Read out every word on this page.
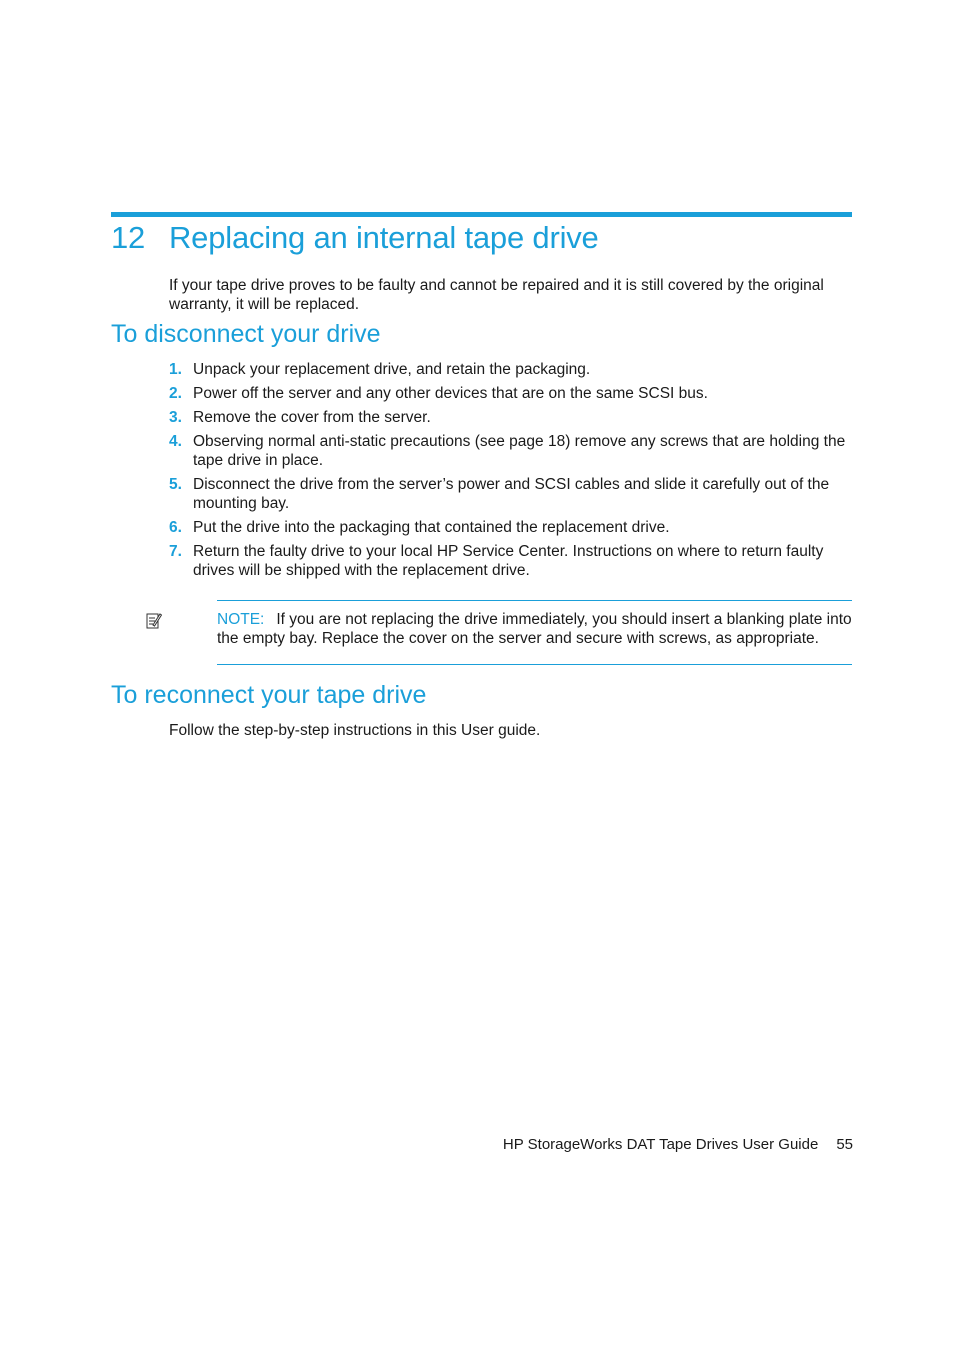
12 Replacing an internal tape drive
If your tape drive proves to be faulty and cannot be repaired and it is still covered by the original warranty, it will be replaced.
To disconnect your drive
1. Unpack your replacement drive, and retain the packaging.
2. Power off the server and any other devices that are on the same SCSI bus.
3. Remove the cover from the server.
4. Observing normal anti-static precautions (see page 18) remove any screws that are holding the tape drive in place.
5. Disconnect the drive from the server’s power and SCSI cables and slide it carefully out of the mounting bay.
6. Put the drive into the packaging that contained the replacement drive.
7. Return the faulty drive to your local HP Service Center. Instructions on where to return faulty drives will be shipped with the replacement drive.
NOTE: If you are not replacing the drive immediately, you should insert a blanking plate into the empty bay. Replace the cover on the server and secure with screws, as appropriate.
To reconnect your tape drive
Follow the step-by-step instructions in this User guide.
HP StorageWorks DAT Tape Drives User Guide 55
